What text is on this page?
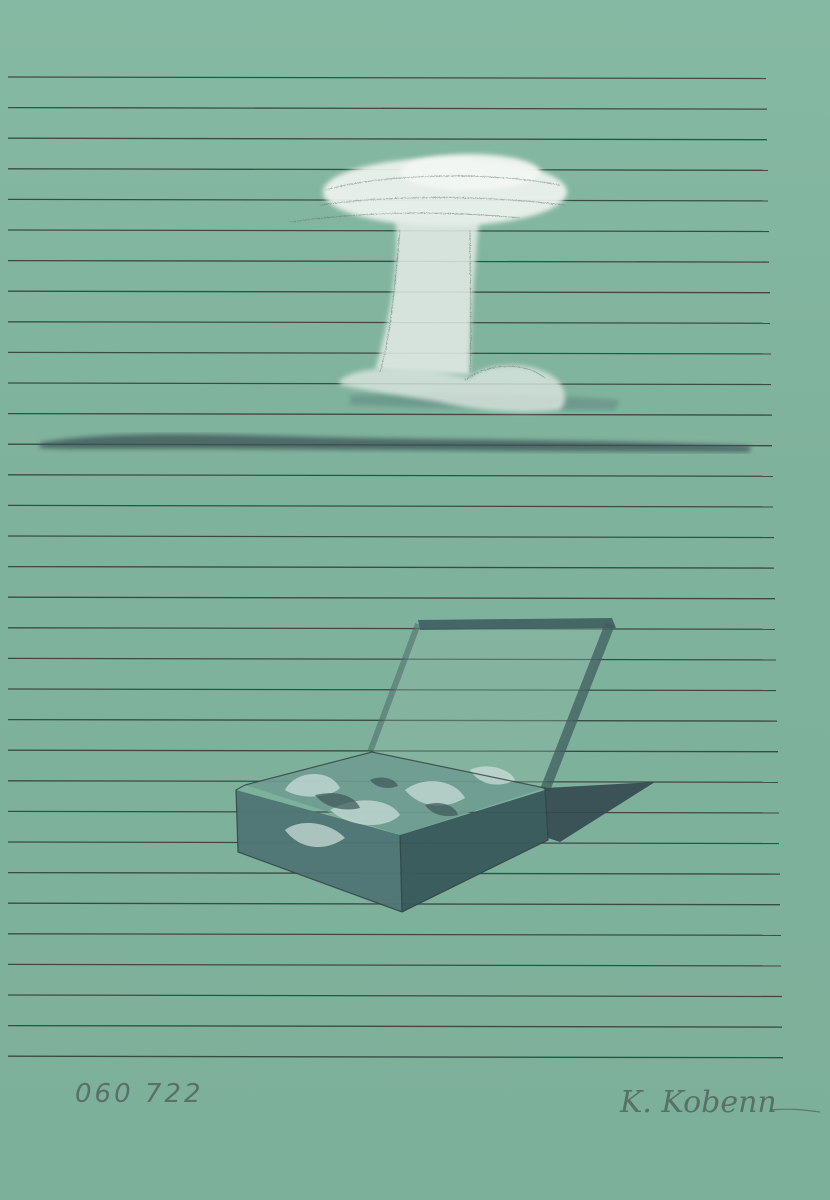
060 722	K. Kobenn
